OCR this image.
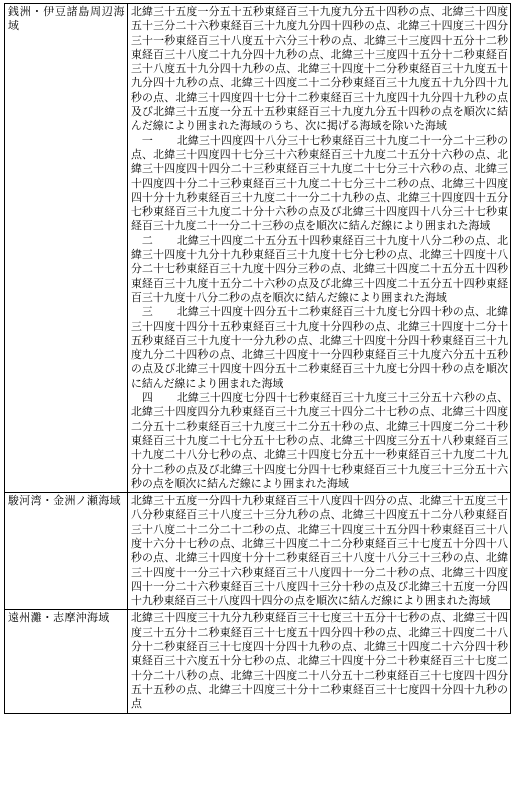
銭洲・伊豆諸島周辺海域	北緯三十五度一分五十五秒東経百三十九度九分五十四秒の点、北緯三十四度五十三分二十六秒東経百三十九度九分四十四秒の点、北緯三十四度三十四分三十一秒東経百三十八度五十六分三十秒の点、北緯三十三度四十五分十二秒東経百三十八度二十九分四十九秒の点、北緯三十三度四十五分十二秒東経百三十八度五十九分四十九秒の点、北緯三十四度十二分秒東経百三十九度五十九分四十九秒の点、北緯三十四度二十二分秒東経百三十九度五十九分四十九秒の点、北緯三十四度四十七分十二秒東経百三十九度四十九分四十九秒の点及び北緯三十五度一分五十五秒東経百三十九度九分五十四秒の点を順次に結んだ線により囲まれた海域のうち、次に掲げる海域を除いた海域
一 北緯三十四度四十八分三十七秒東経百三十九度二十一分二十三秒の点、北緯三十四度四十七分三十六秒東経百三十九度二十五分十六秒の点、北緯三十四度四十四分二十三秒東経百三十九度二十七分三十六秒の点、北緯三十四度四十分二十三秒東経百三十九度二十七分三十二秒の点、北緯三十四度四十分十九秒東経百三十九度二十一分二十九秒の点、北緯三十四度四十五分七秒東経百三十九度二十分十六秒の点及び北緯三十四度四十八分三十七秒東経百三十九度二十一分二十三秒の点を順次に結んだ線により囲まれた海域
二 北緯三十四度二十五分五十四秒東経百三十九度十八分二秒の点、北緯三十四度十九分十九秒東経百三十九度十七分七秒の点、北緯三十四度十八分二十七秒東経百三十九度十四分三秒の点、北緯三十四度二十五分五十四秒東経百三十九度十五分二十六秒の点及び北緯三十四度二十五分五十四秒東経百三十九度十八分二秒の点を順次に結んだ線により囲まれた海域
三 北緯三十四度十四分五十二秒東経百三十九度七分四十秒の点、北緯三十四度十四分十五秒東経百三十九度十分四秒の点、北緯三十四度十二分十五秒東経百三十九度十一分九秒の点、北緯三十四度十分四十秒東経百三十九度九分二十四秒の点、北緯三十四度十一分四秒東経百三十九度六分五十五秒の点及び北緯三十四度十四分五十二秒東経百三十九度七分四十秒の点を順次に結んだ線により囲まれた海域
四 北緯三十四度七分四十七秒東経百三十九度三十三分五十六秒の点、北緯三十四度四分九秒東経百三十九度三十四分二十七秒の点、北緯三十四度二分五十二秒東経百三十九度三十二分五十秒の点、北緯三十四度二分二十秒東経百三十九度二十七分五十七秒の点、北緯三十四度三分五十八秒東経百三十九度二十八分七秒の点、北緯三十四度七分五十一秒東経百三十九度二十九分十二秒の点及び北緯三十四度七分四十七秒東経百三十九度三十三分五十六秒の点を順次に結んだ線により囲まれた海域

駿河湾・金洲ノ瀬海域	北緯三十五度一分四十九秒東経百三十八度四十四分の点、北緯三十五度三十八分秒東経百三十八度三十三分九秒の点、北緯三十四度五十二分八秒東経百三十八度二十二分二十二秒の点、北緯三十四度三十五分四十秒東経百三十八度十六分十七秒の点、北緯三十四度二十二分秒東経百三十七度五十分四十八秒の点、北緯三十四度十分十二秒東経百三十八度十八分三十三秒の点、北緯三十四度十一分三十六秒東経百三十八度四十一分二十秒の点、北緯三十四度四十一分二十六秒東経百三十八度四十三分十秒の点及び北緯三十五度一分四十九秒東経百三十八度四十四分の点を順次に結んだ線により囲まれた海域

遠州灘・志摩沖海域	北緯三十四度三十九分九秒東経百三十七度三十五分十七秒の点、北緯三十四度三十五分十二秒東経百三十七度五十四分四十秒の点、北緯三十四度二十八分十二秒東経百三十七度四十分四十九秒の点、北緯三十四度二十六分四十秒東経百三十六度五十分七秒の点、北緯三十四度十分二十秒東経百三十七度二十分二十八秒の点、北緯三十四度二十八分五十二秒東経百三十七度四十四分五十五秒の点、北緯三十四度三十分十二秒東経百三十七度四十分四十九秒の点
